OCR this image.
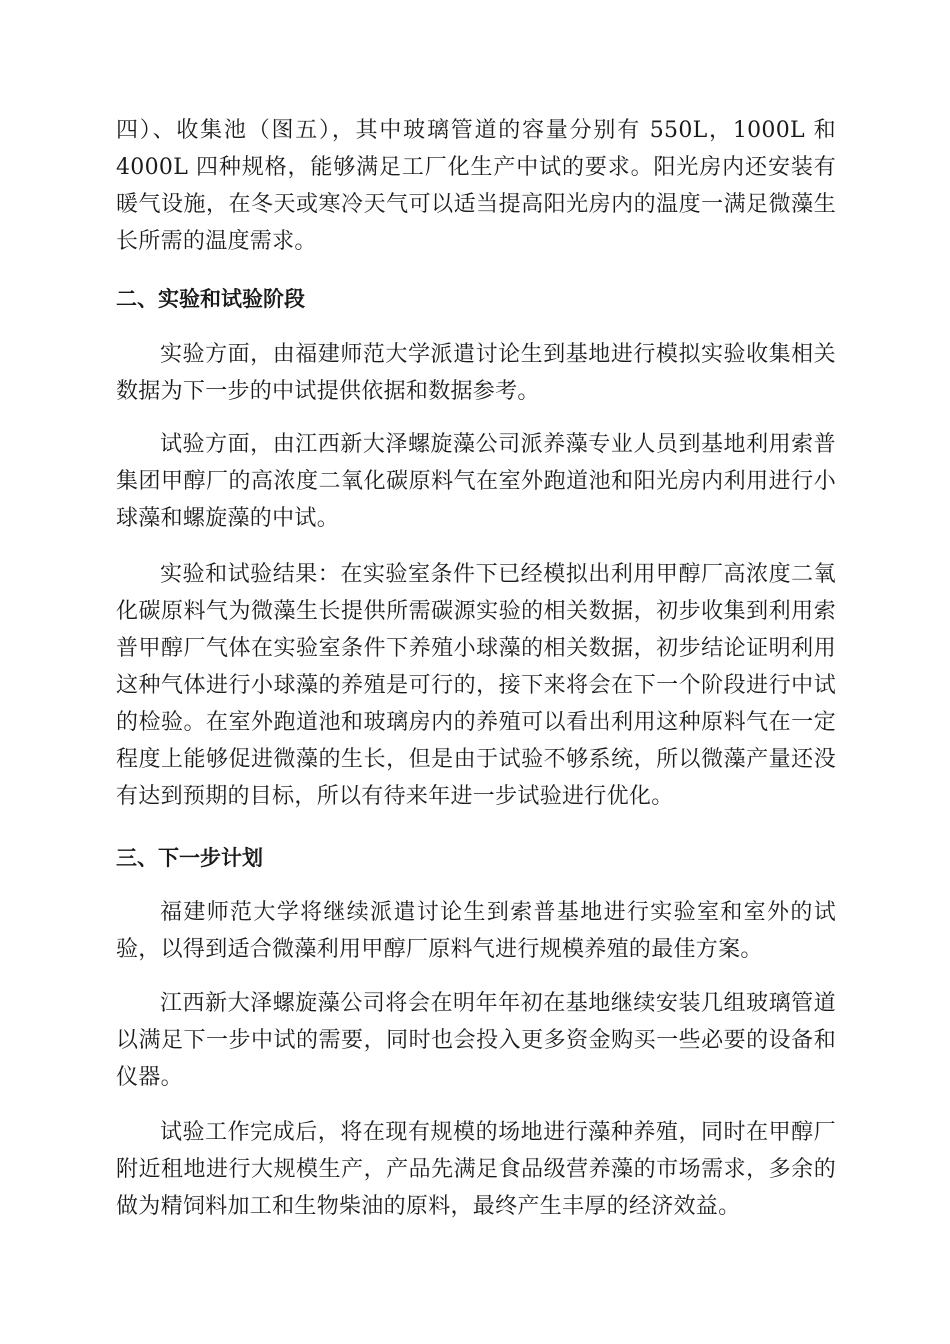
四）、收集池（图五），其中玻璃管道的容量分别有 550L，1000L 和 4000L 四种规格，能够满足工厂化生产中试的要求。阳光房内还安装有暖气设施，在冬天或寒冷天气可以适当提高阳光房内的温度一满足微藻生长所需的温度需求。

二、实验和试验阶段

实验方面，由福建师范大学派遣讨论生到基地进行模拟实验收集相关数据为下一步的中试提供依据和数据参考。

试验方面，由江西新大泽螺旋藻公司派养藻专业人员到基地利用索普集团甲醇厂的高浓度二氧化碳原料气在室外跑道池和阳光房内利用进行小球藻和螺旋藻的中试。

实验和试验结果：在实验室条件下已经模拟出利用甲醇厂高浓度二氧化碳原料气为微藻生长提供所需碳源实验的相关数据，初步收集到利用索普甲醇厂气体在实验室条件下养殖小球藻的相关数据，初步结论证明利用这种气体进行小球藻的养殖是可行的，接下来将会在下一个阶段进行中试的检验。在室外跑道池和玻璃房内的养殖可以看出利用这种原料气在一定程度上能够促进微藻的生长，但是由于试验不够系统，所以微藻产量还没有达到预期的目标，所以有待来年进一步试验进行优化。

三、下一步计划

福建师范大学将继续派遣讨论生到索普基地进行实验室和室外的试验，以得到适合微藻利用甲醇厂原料气进行规模养殖的最佳方案。

江西新大泽螺旋藻公司将会在明年年初在基地继续安装几组玻璃管道以满足下一步中试的需要，同时也会投入更多资金购买一些必要的设备和仪器。

试验工作完成后，将在现有规模的场地进行藻种养殖，同时在甲醇厂附近租地进行大规模生产，产品先满足食品级营养藻的市场需求，多余的做为精饲料加工和生物柴油的原料，最终产生丰厚的经济效益。
